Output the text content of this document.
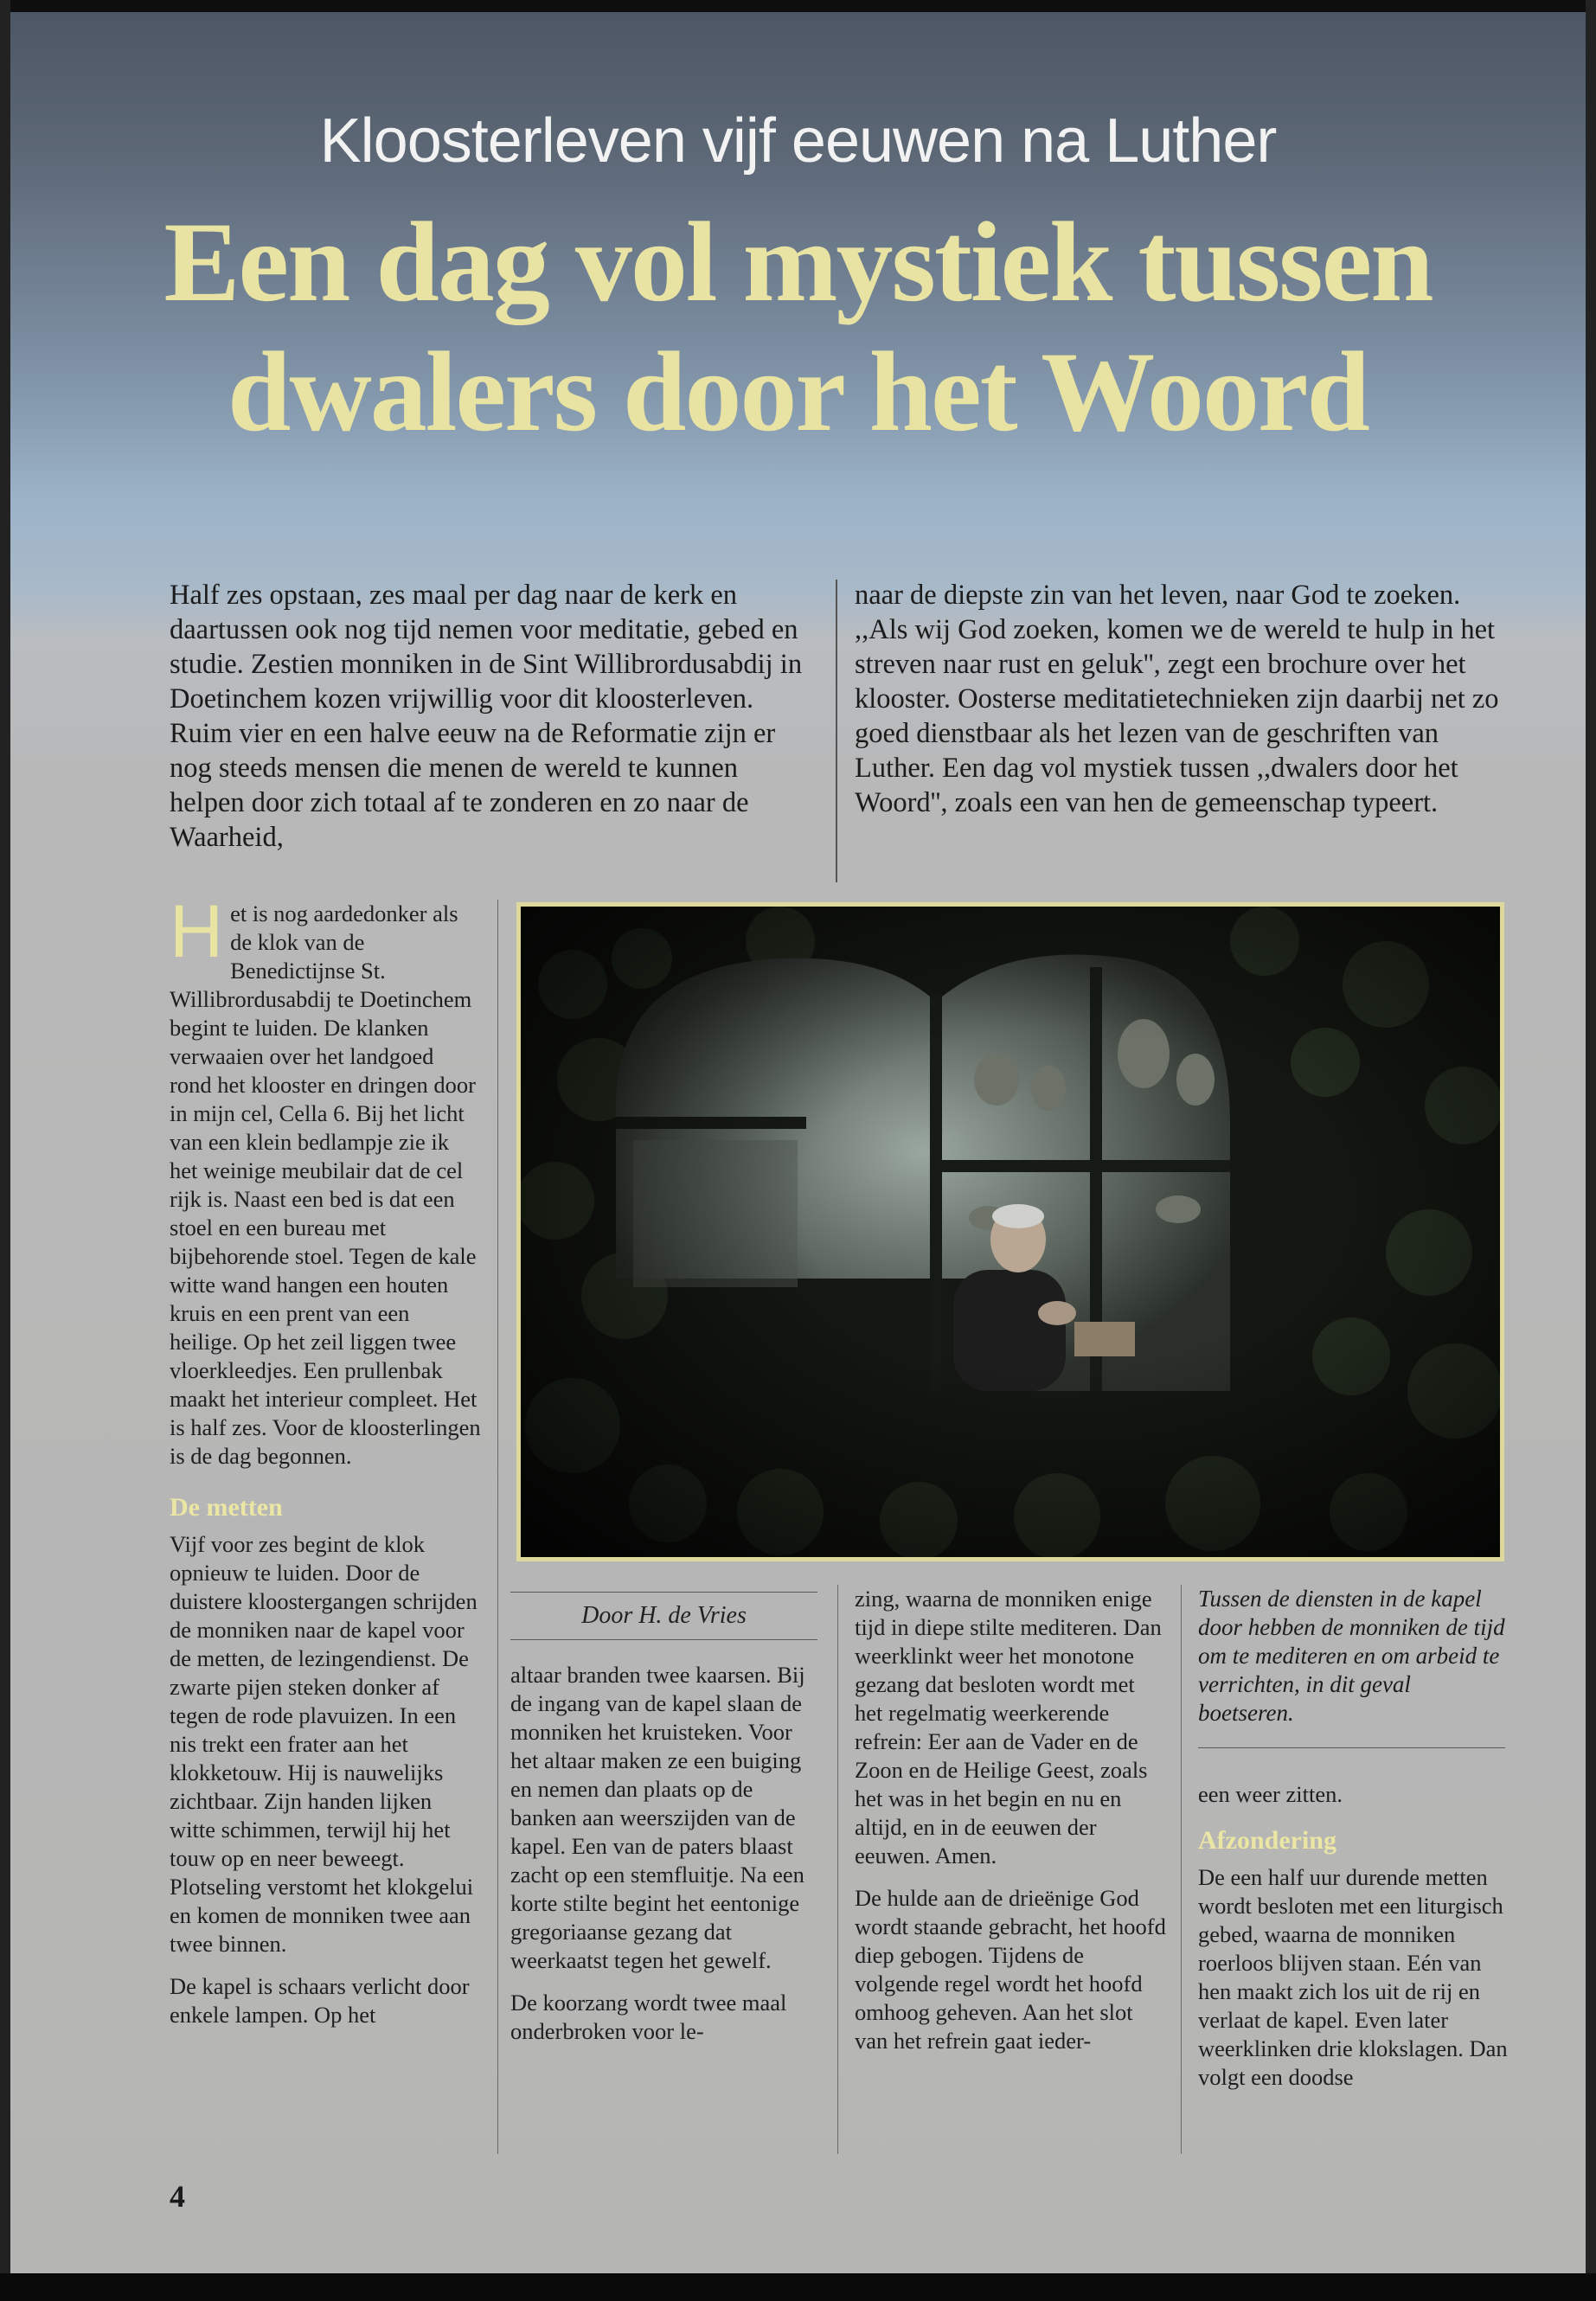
Kloosterleven vijf eeuwen na Luther
Een dag vol mystiek tussen dwalers door het Woord
Half zes opstaan, zes maal per dag naar de kerk en daartussen ook nog tijd nemen voor meditatie, gebed en studie. Zestien monniken in de Sint Willibrordusabdij in Doetinchem kozen vrijwillig voor dit kloosterleven. Ruim vier en een halve eeuw na de Reformatie zijn er nog steeds mensen die menen de wereld te kunnen helpen door zich totaal af te zonderen en zo naar de Waarheid,
naar de diepste zin van het leven, naar God te zoeken. ,,Als wij God zoeken, komen we de wereld te hulp in het streven naar rust en geluk'', zegt een brochure over het klooster. Oosterse meditatietechnieken zijn daarbij net zo goed dienstbaar als het lezen van de geschriften van Luther. Een dag vol mystiek tussen ,,dwalers door het Woord'', zoals een van hen de gemeenschap typeert.

H et is nog aardedonker als de klok van de Benedictijnse St. Willibrordusabdij te Doetinchem begint te luiden. De klanken verwaaien over het landgoed rond het klooster en dringen door in mijn cel, Cella 6. Bij het licht van een klein bedlampje zie ik het weinige meubilair dat de cel rijk is. Naast een bed is dat een stoel en een bureau met bijbehorende stoel. Tegen de kale witte wand hangen een houten kruis en een prent van een heilige. Op het zeil liggen twee vloerkleedjes. Een prullenbak maakt het interieur compleet. Het is half zes. Voor de kloosterlingen is de dag begonnen.

De metten

Vijf voor zes begint de klok opnieuw te luiden. Door de duistere kloostergangen schrijden de monniken naar de kapel voor de metten, de lezingendienst. De zwarte pijen steken donker af tegen de rode plavuizen. In een nis trekt een frater aan het klokketouw. Hij is nauwelijks zichtbaar. Zijn handen lijken witte schimmen, terwijl hij het touw op en neer beweegt. Plotseling verstomt het klokgelui en komen de monniken twee aan twee binnen.

De kapel is schaars verlicht door enkele lampen. Op het

Door H. de Vries

altaar branden twee kaarsen. Bij de ingang van de kapel slaan de monniken het kruisteken. Voor het altaar maken ze een buiging en nemen dan plaats op de banken aan weerszijden van de kapel. Een van de paters blaast zacht op een stemfluitje. Na een korte stilte begint het eentonige gregoriaanse gezang dat weerkaatst tegen het gewelf.

De koorzang wordt twee maal onderbroken voor le-

zing, waarna de monniken enige tijd in diepe stilte mediteren. Dan weerklinkt weer het monotone gezang dat besloten wordt met het regelmatig weerkerende refrein: Eer aan de Vader en de Zoon en de Heilige Geest, zoals het was in het begin en nu en altijd, en in de eeuwen der eeuwen. Amen.

De hulde aan de drieënige God wordt staande gebracht, het hoofd diep gebogen. Tijdens de volgende regel wordt het hoofd omhoog geheven. Aan het slot van het refrein gaat ieder-

Tussen de diensten in de kapel door hebben de monniken de tijd om te mediteren en om arbeid te verrichten, in dit geval boetseren.

een weer zitten.

Afzondering

De een half uur durende metten wordt besloten met een liturgisch gebed, waarna de monniken roerloos blijven staan. Eén van hen maakt zich los uit de rij en verlaat de kapel. Even later weerklinken drie klokslagen. Dan volgt een doodse

4
